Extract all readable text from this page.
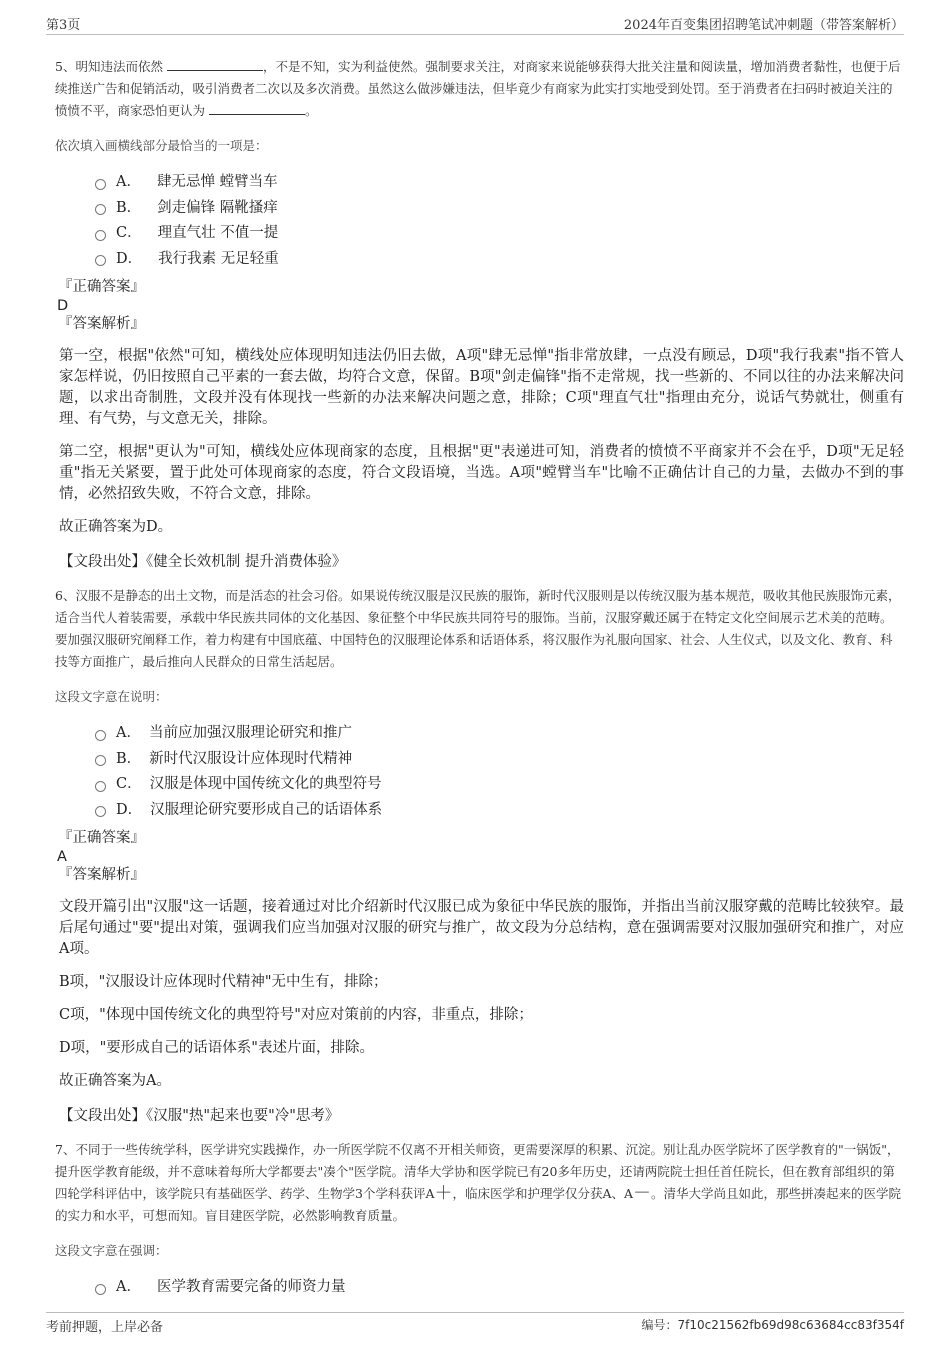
第3页	2024年百变集团招聘笔试冲刺题（带答案解析）

5、明知违法而依然	，不是不知，实为利益使然。强制要求关注，对商家来说能够获得大批关注量和阅读量，增加消费者黏性，也便于后续推送广告和促销活动，吸引消费者二次以及多次消费。虽然这么做涉嫌违法，但毕竟少有商家为此实打实地受到处罚。至于消费者在扫码时被迫关注的愤愤不平，商家恐怕更认为	。

依次填入画横线部分最恰当的一项是：

A． 肆无忌惮 螳臂当车
B． 剑走偏锋 隔靴搔痒
C． 理直气壮 不值一提
D． 我行我素 无足轻重
『正确答案』
D
『答案解析』

第一空，根据"依然"可知，横线处应体现明知违法仍旧去做，A项"肆无忌惮"指非常放肆，一点没有顾忌，D项"我行我素"指不管人家怎样说，仍旧按照自己平素的一套去做，均符合文意，保留。B项"剑走偏锋"指不走常规，找一些新的、不同以往的办法来解决问题，以求出奇制胜，文段并没有体现找一些新的办法来解决问题之意，排除；C项"理直气壮"指理由充分，说话气势就壮，侧重有理、有气势，与文意无关，排除。

第二空，根据"更认为"可知，横线处应体现商家的态度，且根据"更"表递进可知，消费者的愤愤不平商家并不会在乎，D项"无足轻重"指无关紧要，置于此处可体现商家的态度，符合文段语境，当选。A项"螳臂当车"比喻不正确估计自己的力量，去做办不到的事情，必然招致失败，不符合文意，排除。

故正确答案为D。

【文段出处】《健全长效机制 提升消费体验》

6、汉服不是静态的出土文物，而是活态的社会习俗。如果说传统汉服是汉民族的服饰，新时代汉服则是以传统汉服为基本规范，吸收其他民族服饰元素，适合当代人着装需要，承载中华民族共同体的文化基因、象征整个中华民族共同符号的服饰。当前，汉服穿戴还属于在特定文化空间展示艺术美的范畴。要加强汉服研究阐释工作，着力构建有中国底蕴、中国特色的汉服理论体系和话语体系，将汉服作为礼服向国家、社会、人生仪式，以及文化、教育、科技等方面推广，最后推向人民群众的日常生活起居。

这段文字意在说明：

A． 当前应加强汉服理论研究和推广
B． 新时代汉服设计应体现时代精神
C． 汉服是体现中国传统文化的典型符号
D． 汉服理论研究要形成自己的话语体系
『正确答案』
A
『答案解析』

文段开篇引出"汉服"这一话题，接着通过对比介绍新时代汉服已成为象征中华民族的服饰，并指出当前汉服穿戴的范畴比较狭窄。最后尾句通过"要"提出对策，强调我们应当加强对汉服的研究与推广，故文段为分总结构，意在强调需要对汉服加强研究和推广，对应A项。

B项，"汉服设计应体现时代精神"无中生有，排除；

C项，"体现中国传统文化的典型符号"对应对策前的内容，非重点，排除；

D项，"要形成自己的话语体系"表述片面，排除。

故正确答案为A。

【文段出处】《汉服"热"起来也要"冷"思考》

7、不同于一些传统学科，医学讲究实践操作，办一所医学院不仅离不开相关师资，更需要深厚的积累、沉淀。别让乱办医学院坏了医学教育的"一锅饭"，提升医学教育能级，并不意味着每所大学都要去"凑个"医学院。清华大学协和医学院已有20多年历史，还请两院院士担任首任院长，但在教育部组织的第四轮学科评估中，该学院只有基础医学、药学、生物学3个学科获评A＋，临床医学和护理学仅分获A、A－。清华大学尚且如此，那些拼凑起来的医学院的实力和水平，可想而知。盲目建医学院，必然影响教育质量。

这段文字意在强调：

A． 医学教育需要完备的师资力量
考前押题，上岸必备	编号：7f10c21562fb69d98c63684cc83f354f
